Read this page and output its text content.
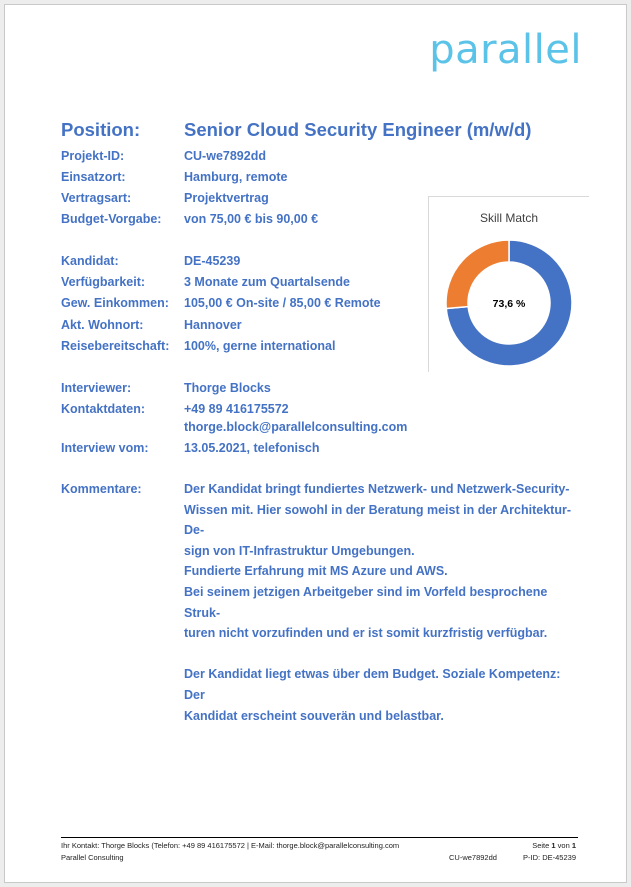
parallel
Position: Senior Cloud Security Engineer (m/w/d)
Projekt-ID:	CU-we7892dd
Einsatzort:	Hamburg, remote
Vertragsart:	Projektvertrag
Budget-Vorgabe: von 75,00 € bis 90,00 €
Kandidat:	DE-45239
Verfügbarkeit:	3 Monate zum Quartalsende
Gew. Einkommen: 105,00 € On-site / 85,00 € Remote
Akt. Wohnort:	Hannover
Reisebereitschaft: 100%, gerne international
Interviewer:	Thorge Blocks
Kontaktdaten:	+49 89 416175572
thorge.block@parallelconsulting.com
Interview vom:	13.05.2021, telefonisch
Kommentare:	Der Kandidat bringt fundiertes Netzwerk- und Netzwerk-Security-

Wissen mit. Hier sowohl in der Beratung meist in der Architektur-De-

sign von IT-Infrastruktur Umgebungen.

Fundierte Erfahrung mit MS Azure und AWS.

Bei seinem jetzigen Arbeitgeber sind im Vorfeld besprochene Struk-

turen nicht vorzufinden und er ist somit kurzfristig verfügbar.

Der Kandidat liegt etwas über dem Budget. Soziale Kompetenz: Der

Kandidat erscheint souverän und belastbar.

Skill Match
73,6 %
Ihr Kontakt: Thorge Blocks (Telefon: +49 89 416175572 | E-Mail: thorge.block@parallelconsulting.com
Parallel Consulting
Seite 1 von 1
CU-we7892dd	P-ID: DE-45239
